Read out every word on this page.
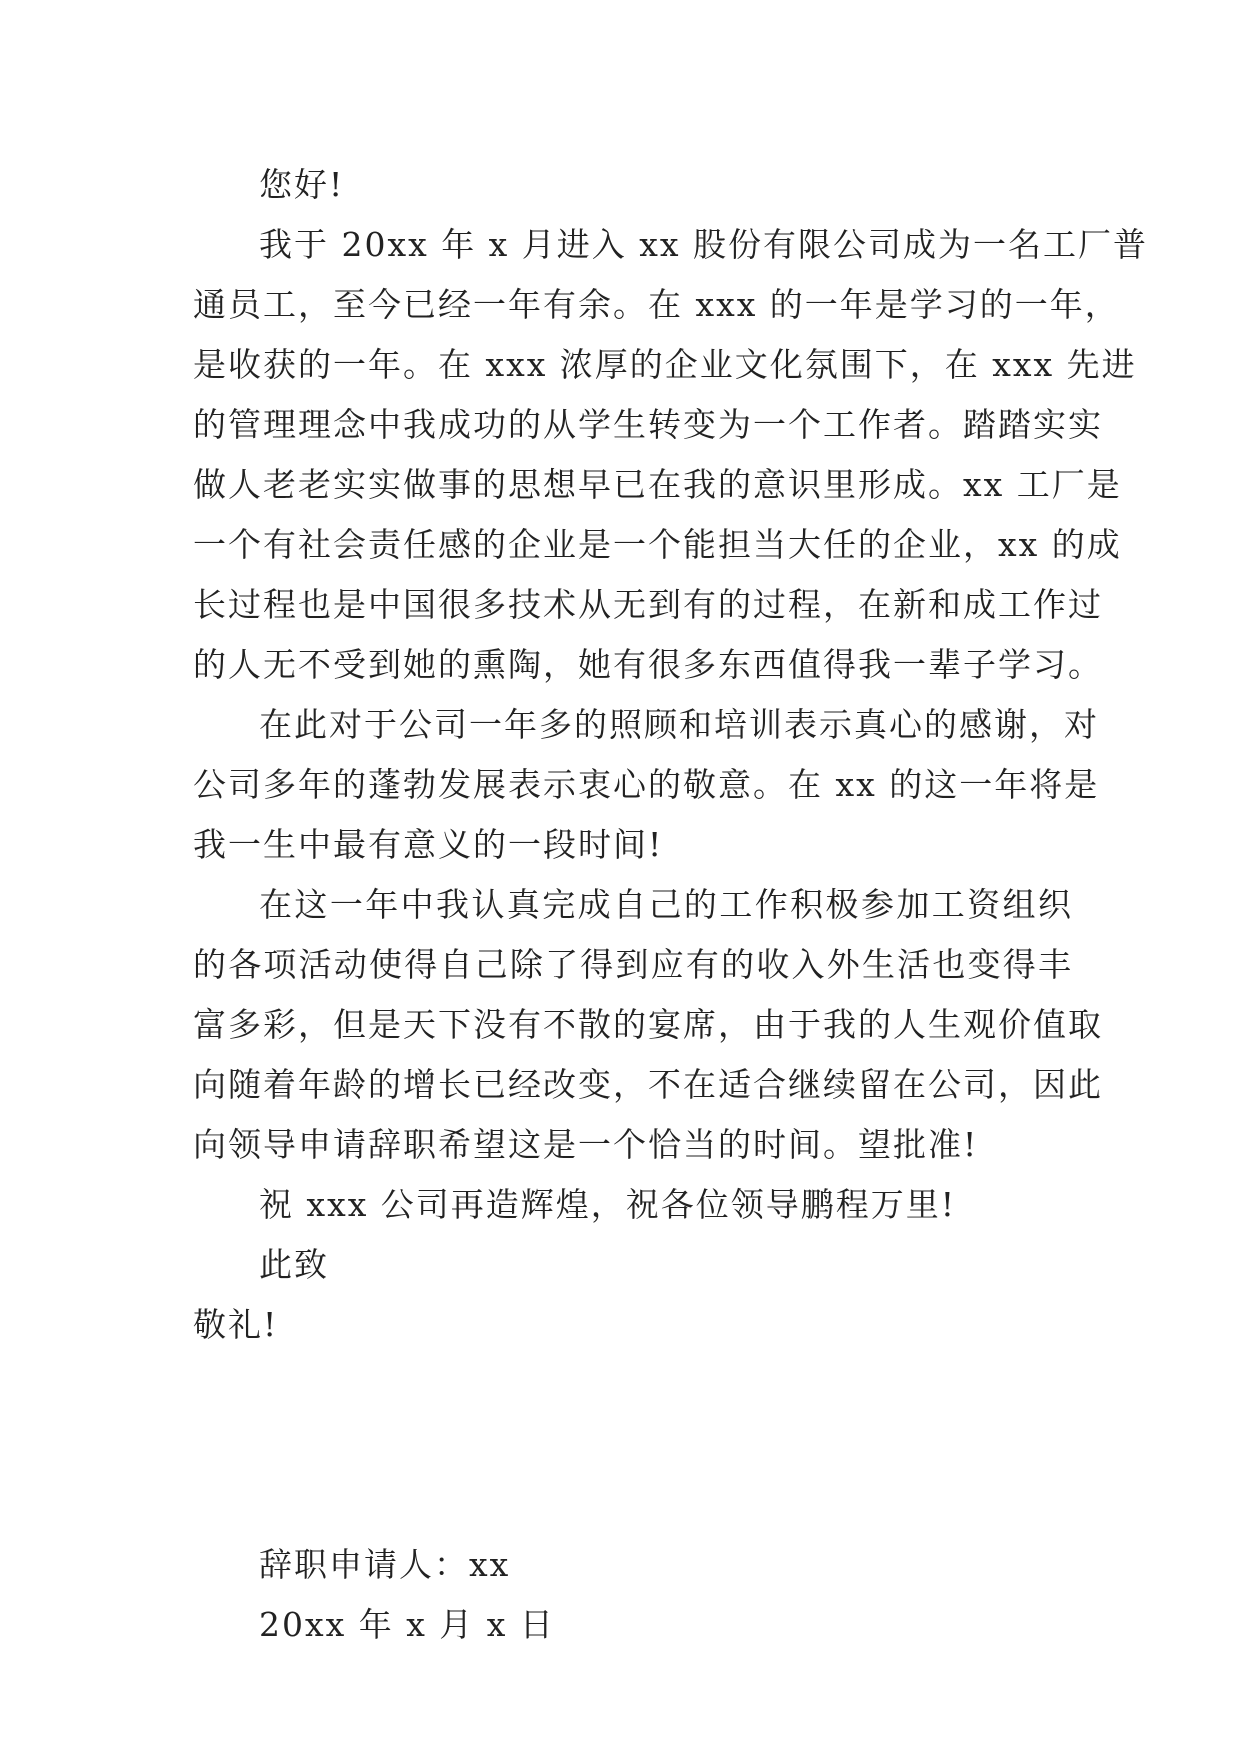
您好!
我于 20xx 年 x 月进入 xx 股份有限公司成为一名工厂普
通员工，至今已经一年有余。在 xxx 的一年是学习的一年，
是收获的一年。在 xxx 浓厚的企业文化氛围下，在 xxx 先进
的管理理念中我成功的从学生转变为一个工作者。踏踏实实
做人老老实实做事的思想早已在我的意识里形成。xx 工厂是
一个有社会责任感的企业是一个能担当大任的企业，xx 的成
长过程也是中国很多技术从无到有的过程，在新和成工作过
的人无不受到她的熏陶，她有很多东西值得我一辈子学习。
在此对于公司一年多的照顾和培训表示真心的感谢，对
公司多年的蓬勃发展表示衷心的敬意。在 xx 的这一年将是
我一生中最有意义的一段时间!
在这一年中我认真完成自己的工作积极参加工资组织
的各项活动使得自己除了得到应有的收入外生活也变得丰
富多彩，但是天下没有不散的宴席，由于我的人生观价值取
向随着年龄的增长已经改变，不在适合继续留在公司，因此
向领导申请辞职希望这是一个恰当的时间。望批准!
祝 xxx 公司再造辉煌，祝各位领导鹏程万里!
此致
敬礼!
辞职申请人：xx
20xx 年 x 月 x 日
